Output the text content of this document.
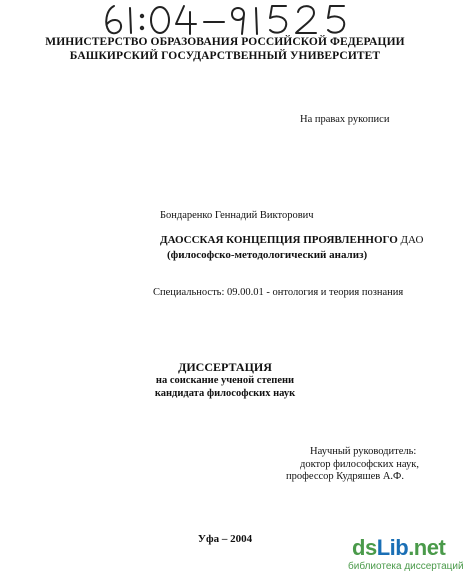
МИНИСТЕРСТВО ОБРАЗОВАНИЯ РОССИЙСКОЙ ФЕДЕРАЦИИ
БАШКИРСКИЙ ГОСУДАРСТВЕННЫЙ УНИВЕРСИТЕТ
На правах рукописи
Бондаренко Геннадий Викторович
ДАОССКАЯ КОНЦЕПЦИЯ ПРОЯВЛЕННОГО ДАО
(философско-методологический анализ)
Специальность: 09.00.01 - онтология и теория познания
ДИССЕРТАЦИЯ
на соискание ученой степени
кандидата философских наук
Научный руководитель:
доктор философских наук,
профессор Кудряшев А.Ф.
Уфа – 2004	dsLib.net
библиотека диссертаций
